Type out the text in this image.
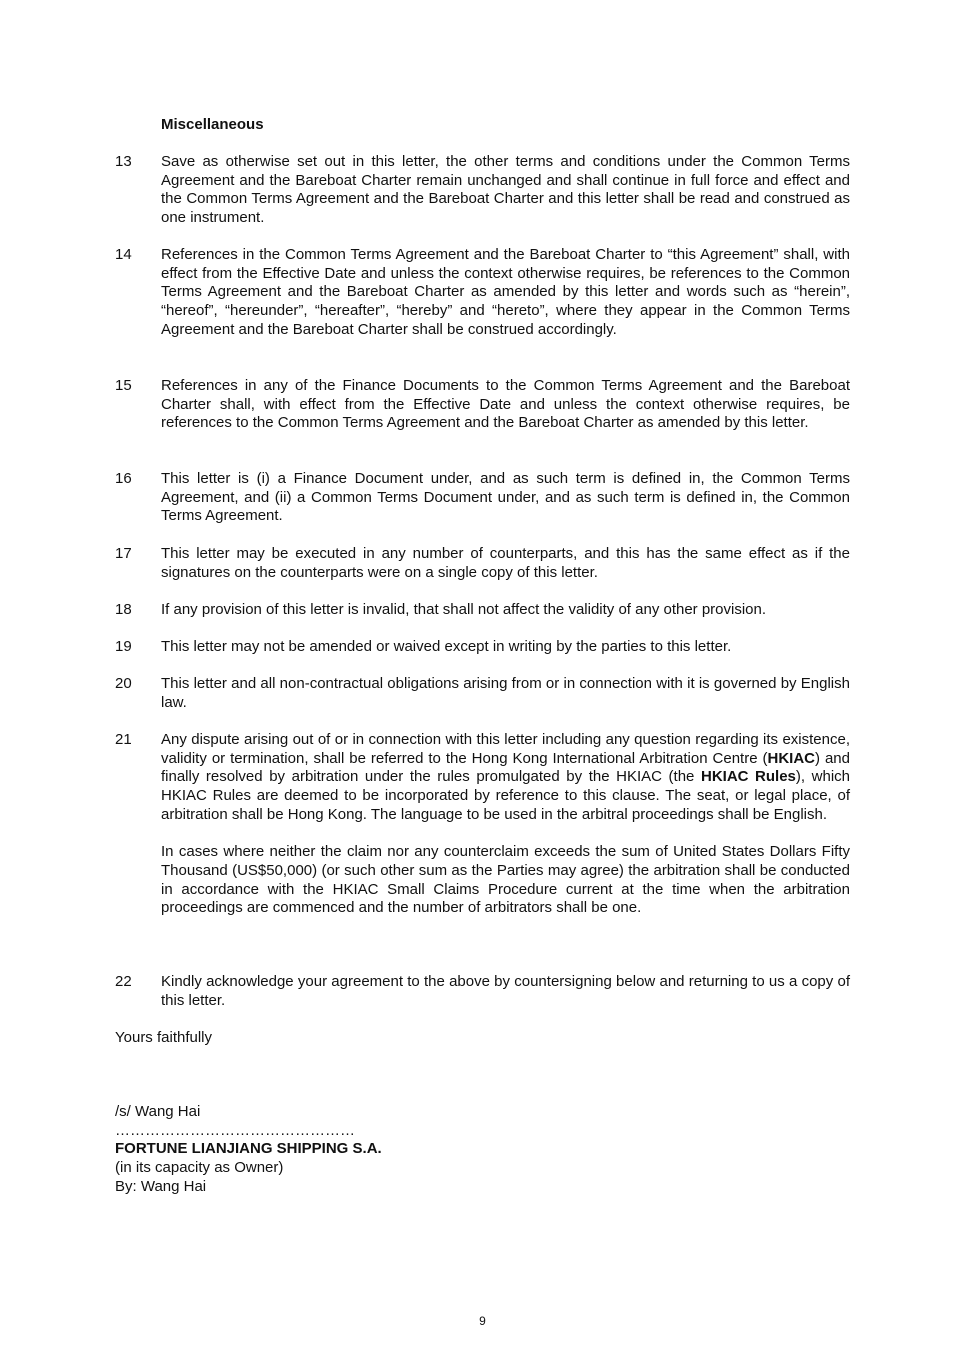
Miscellaneous
13 Save as otherwise set out in this letter, the other terms and conditions under the Common Terms Agreement and the Bareboat Charter remain unchanged and shall continue in full force and effect and the Common Terms Agreement and the Bareboat Charter and this letter shall be read and construed as one instrument.
14 References in the Common Terms Agreement and the Bareboat Charter to “this Agreement” shall, with effect from the Effective Date and unless the context otherwise requires, be references to the Common Terms Agreement and the Bareboat Charter as amended by this letter and words such as “herein”, “hereof”, “hereunder”, “hereafter”, “hereby” and “hereto”, where they appear in the Common Terms Agreement and the Bareboat Charter shall be construed accordingly.
15 References in any of the Finance Documents to the Common Terms Agreement and the Bareboat Charter shall, with effect from the Effective Date and unless the context otherwise requires, be references to the Common Terms Agreement and the Bareboat Charter as amended by this letter.
16 This letter is (i) a Finance Document under, and as such term is defined in, the Common Terms Agreement, and (ii) a Common Terms Document under, and as such term is defined in, the Common Terms Agreement.
17 This letter may be executed in any number of counterparts, and this has the same effect as if the signatures on the counterparts were on a single copy of this letter.
18 If any provision of this letter is invalid, that shall not affect the validity of any other provision.
19 This letter may not be amended or waived except in writing by the parties to this letter.
20 This letter and all non-contractual obligations arising from or in connection with it is governed by English law.
21 Any dispute arising out of or in connection with this letter including any question regarding its existence, validity or termination, shall be referred to the Hong Kong International Arbitration Centre (HKIAC) and finally resolved by arbitration under the rules promulgated by the HKIAC (the HKIAC Rules), which HKIAC Rules are deemed to be incorporated by reference to this clause. The seat, or legal place, of arbitration shall be Hong Kong. The language to be used in the arbitral proceedings shall be English.
In cases where neither the claim nor any counterclaim exceeds the sum of United States Dollars Fifty Thousand (US$50,000) (or such other sum as the Parties may agree) the arbitration shall be conducted in accordance with the HKIAC Small Claims Procedure current at the time when the arbitration proceedings are commenced and the number of arbitrators shall be one.
22 Kindly acknowledge your agreement to the above by countersigning below and returning to us a copy of this letter.
Yours faithfully
/s/ Wang Hai
…………………………………………
FORTUNE LIANJIANG SHIPPING S.A.
(in its capacity as Owner)
By: Wang Hai
9
